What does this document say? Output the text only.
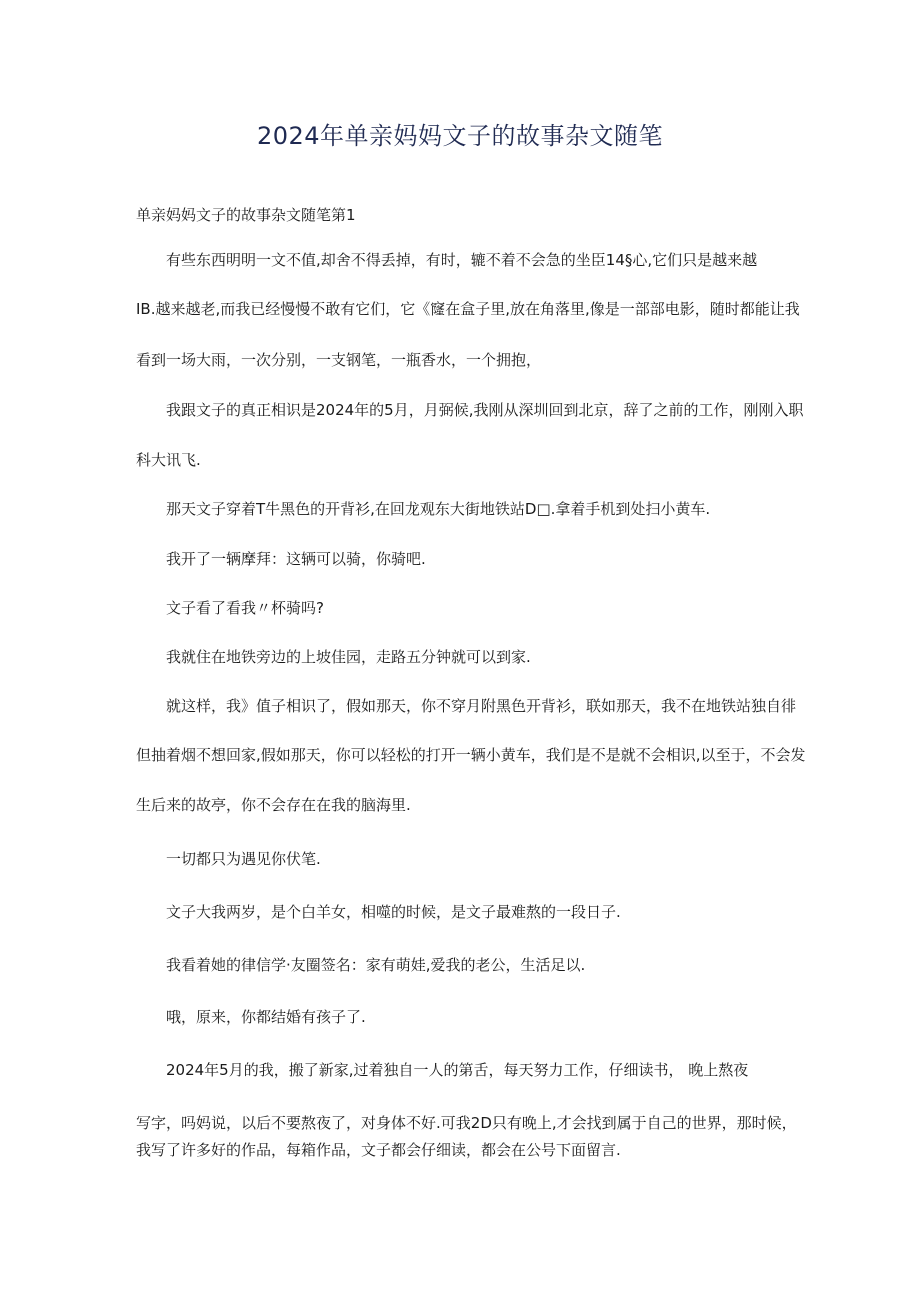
2024年单亲妈妈文子的故事杂文随笔
单亲妈妈文子的故事杂文随笔第1
有些东西明明一文不值,却舍不得丢掉，有时，辘不着不会急的坐臣14§心,它们只是越来越
IB.越来越老,而我已经慢慢不敢有它们，它《窿在盒子里,放在角落里,像是一部部电影，随时都能让我
看到一场大雨，一次分别，一支钢笔，一瓶香水，一个拥抱，
我跟文子的真正相识是2024年的5月，月弼候,我刚从深圳回到北京，辞了之前的工作，刚刚入职
科大讯飞.
那天文子穿着T牛黑色的开背衫,在回龙观东大街地铁站D□.拿着手机到处扫小黄车.
我开了一辆摩拜：这辆可以骑，你骑吧.
文子看了看我〃杯骑吗?
我就住在地铁旁边的上坡佳园，走路五分钟就可以到家.
就这样，我》值子相识了，假如那天，你不穿月附黑色开背衫，联如那天，我不在地铁站独自徘
但抽着烟不想回家,假如那天，你可以轻松的打开一辆小黄车，我们是不是就不会相识,以至于，不会发
生后来的故亭，你不会存在在我的脑海里.
一切都只为遇见你伏笔.
文子大我两岁，是个白羊女，相噬的时候，是文子最难熬的一段日子.
我看着她的律信学·友圈签名：家有萌娃,爱我的老公，生活足以.
哦，原来，你都结婚有孩子了.
2024年5月的我，搬了新家,过着独自一人的第舌，每天努力工作，仔细读书， 晚上熬夜
写字，吗妈说，以后不要熬夜了，对身体不好.可我2D只有晚上,才会找到属于自己的世界，那时候，
我写了许多好的作品，每箱作品，文子都会仔细读，都会在公号下面留言.
